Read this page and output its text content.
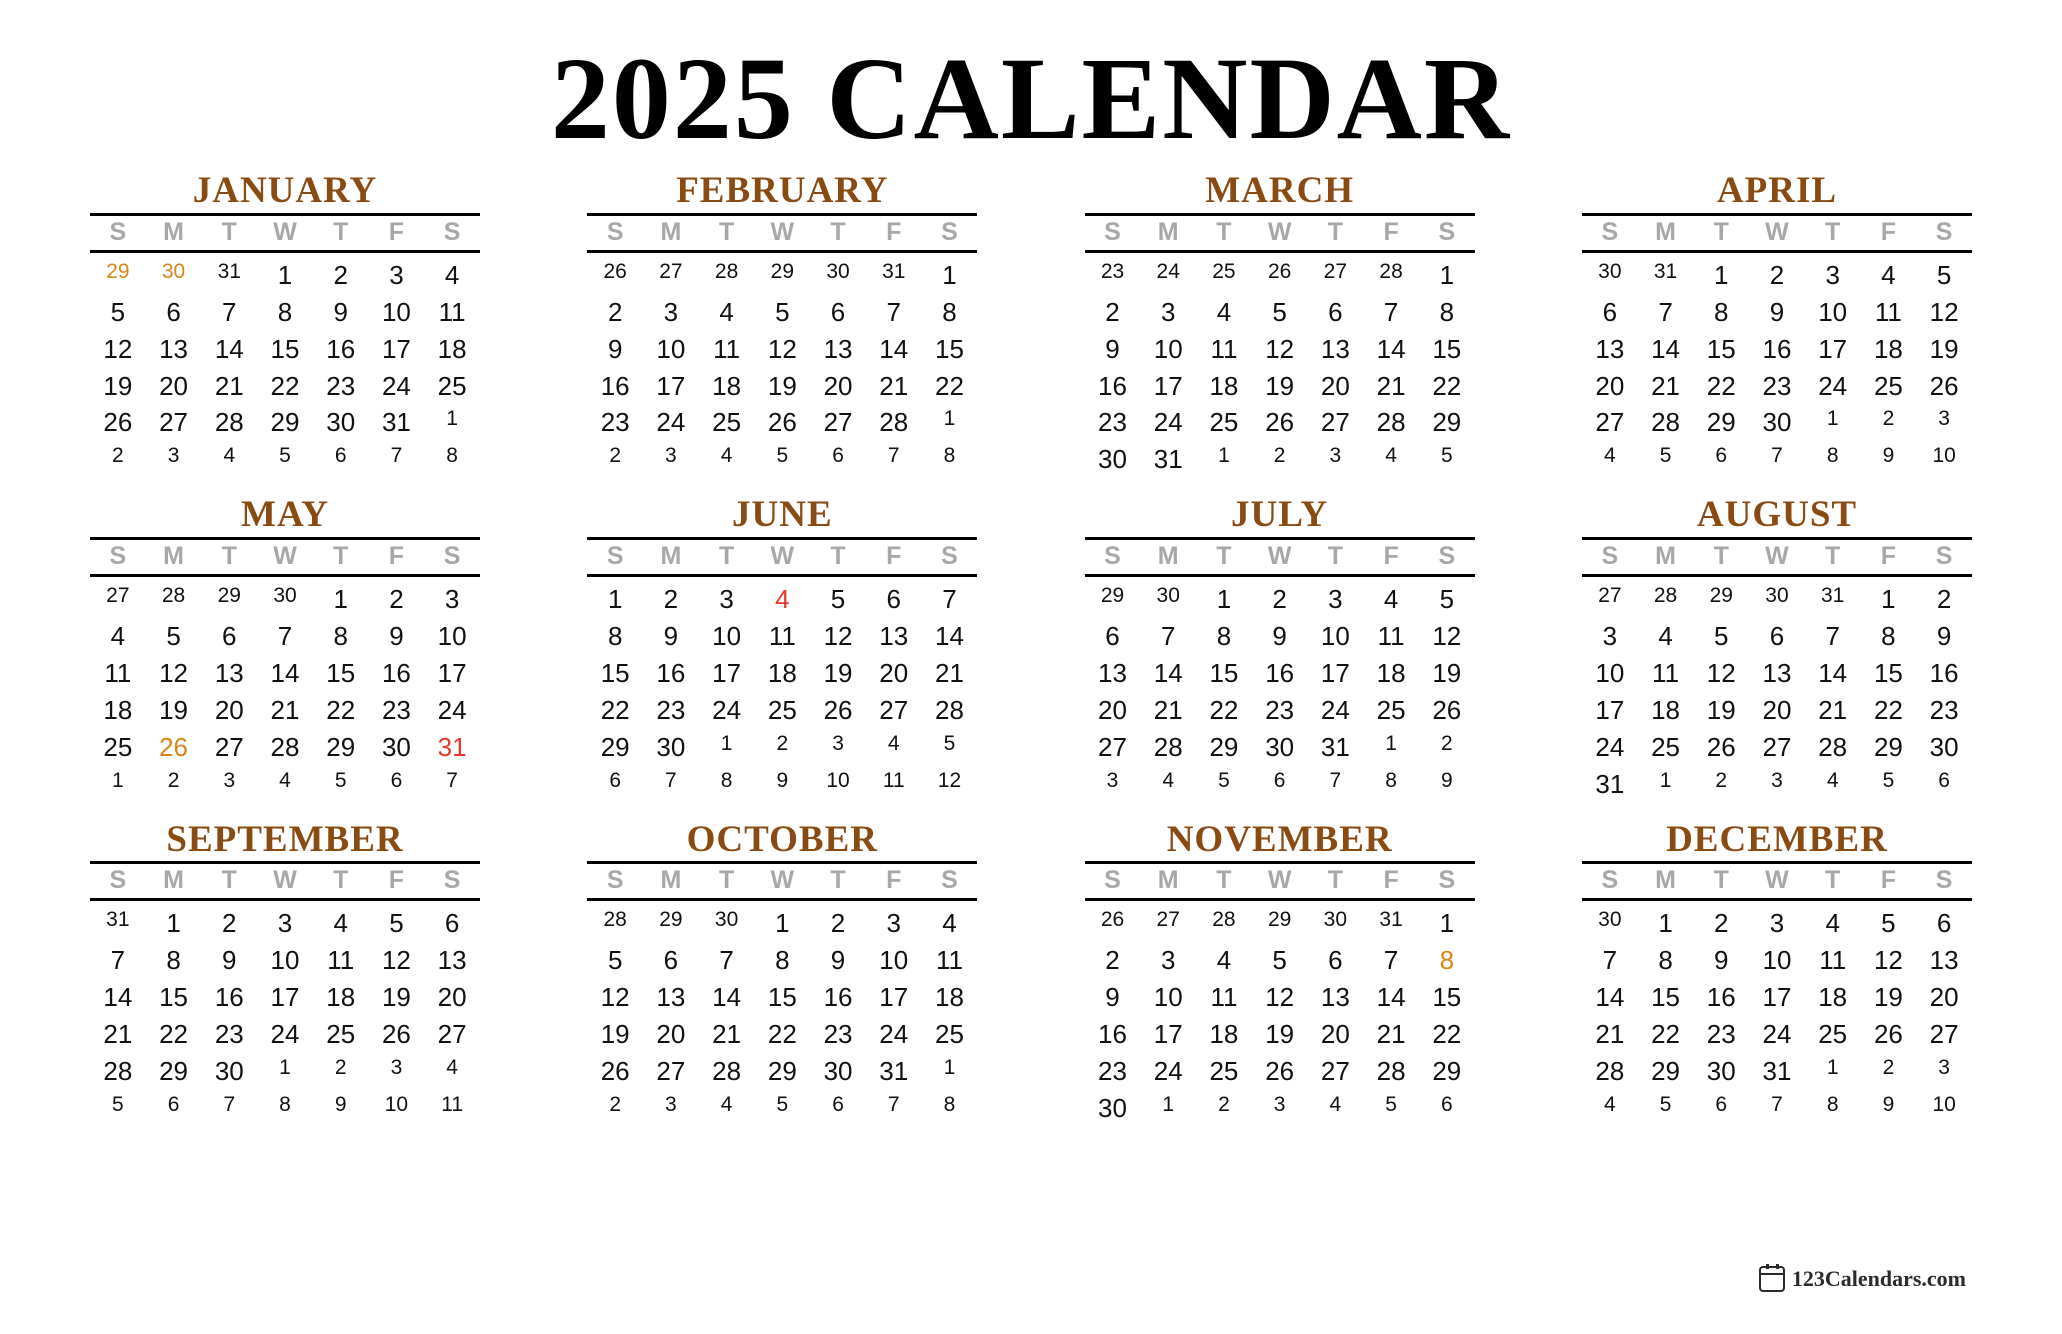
2025 CALENDAR
JANUARY
S	M	T	W	T	F	S
29	30	31	1	2	3	4
5	6	7	8	9	10	11
12	13	14	15	16	17	18
19	20	21	22	23	24	25
26	27	28	29	30	31	1
2	3	4	5	6	7	8
FEBRUARY
S	M	T	W	T	F	S
26	27	28	29	30	31	1
2	3	4	5	6	7	8
9	10	11	12	13	14	15
16	17	18	19	20	21	22
23	24	25	26	27	28	1
2	3	4	5	6	7	8
MARCH
S	M	T	W	T	F	S
23	24	25	26	27	28	1
2	3	4	5	6	7	8
9	10	11	12	13	14	15
16	17	18	19	20	21	22
23	24	25	26	27	28	29
30	31	1	2	3	4	5
APRIL
S	M	T	W	T	F	S
30	31	1	2	3	4	5
6	7	8	9	10	11	12
13	14	15	16	17	18	19
20	21	22	23	24	25	26
27	28	29	30	1	2	3
4	5	6	7	8	9	10
MAY
S	M	T	W	T	F	S
27	28	29	30	1	2	3
4	5	6	7	8	9	10
11	12	13	14	15	16	17
18	19	20	21	22	23	24
25	26	27	28	29	30	31
1	2	3	4	5	6	7
JUNE
S	M	T	W	T	F	S
1	2	3	4	5	6	7
8	9	10	11	12	13	14
15	16	17	18	19	20	21
22	23	24	25	26	27	28
29	30	1	2	3	4	5
6	7	8	9	10	11	12
JULY
S	M	T	W	T	F	S
29	30	1	2	3	4	5
6	7	8	9	10	11	12
13	14	15	16	17	18	19
20	21	22	23	24	25	26
27	28	29	30	31	1	2
3	4	5	6	7	8	9
AUGUST
S	M	T	W	T	F	S
27	28	29	30	31	1	2
3	4	5	6	7	8	9
10	11	12	13	14	15	16
17	18	19	20	21	22	23
24	25	26	27	28	29	30
31	1	2	3	4	5	6
SEPTEMBER
S	M	T	W	T	F	S
31	1	2	3	4	5	6
7	8	9	10	11	12	13
14	15	16	17	18	19	20
21	22	23	24	25	26	27
28	29	30	1	2	3	4
5	6	7	8	9	10	11
OCTOBER
S	M	T	W	T	F	S
28	29	30	1	2	3	4
5	6	7	8	9	10	11
12	13	14	15	16	17	18
19	20	21	22	23	24	25
26	27	28	29	30	31	1
2	3	4	5	6	7	8
NOVEMBER
S	M	T	W	T	F	S
26	27	28	29	30	31	1
2	3	4	5	6	7	8
9	10	11	12	13	14	15
16	17	18	19	20	21	22
23	24	25	26	27	28	29
30	1	2	3	4	5	6
DECEMBER
S	M	T	W	T	F	S
30	1	2	3	4	5	6
7	8	9	10	11	12	13
14	15	16	17	18	19	20
21	22	23	24	25	26	27
28	29	30	31	1	2	3
4	5	6	7	8	9	10
123Calendars.com
